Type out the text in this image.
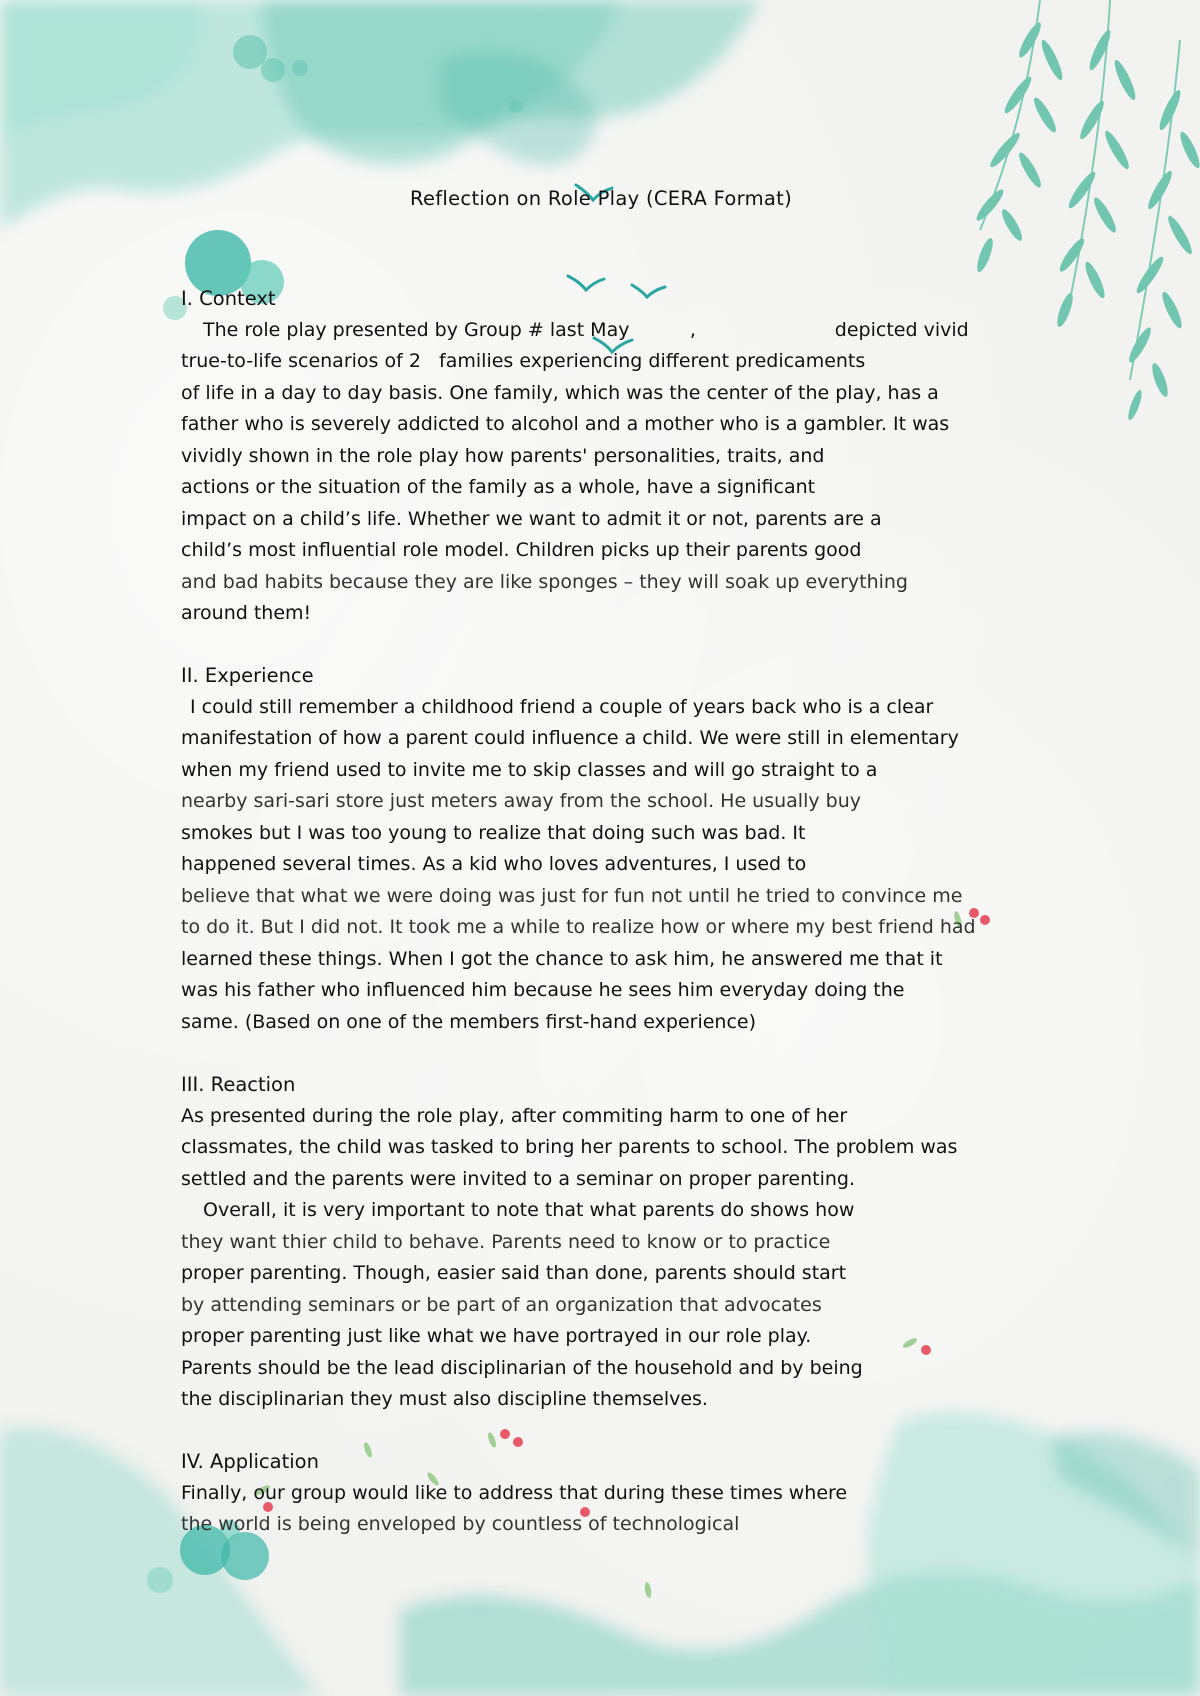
Reflection on Role Play (CERA Format)
I. Context
The role play presented by Group # last May          ,                       depicted vivid
true-to-life scenarios of 2   families experiencing different predicaments
of life in a day to day basis. One family, which was the center of the play, has a
father who is severely addicted to alcohol and a mother who is a gambler. It was
vividly shown in the role play how parents' personalities, traits, and
actions or the situation of the family as a whole, have a significant
impact on a child’s life. Whether we want to admit it or not, parents are a
child’s most influential role model. Children picks up their parents good
and bad habits because they are like sponges – they will soak up everything
around them!
II. Experience
I could still remember a childhood friend a couple of years back who is a clear
manifestation of how a parent could influence a child. We were still in elementary
when my friend used to invite me to skip classes and will go straight to a
nearby sari-sari store just meters away from the school. He usually buy
smokes but I was too young to realize that doing such was bad. It
happened several times. As a kid who loves adventures, I used to
believe that what we were doing was just for fun not until he tried to convince me
to do it. But I did not. It took me a while to realize how or where my best friend had
learned these things. When I got the chance to ask him, he answered me that it
was his father who influenced him because he sees him everyday doing the
same. (Based on one of the members first-hand experience)
III. Reaction
As presented during the role play, after commiting harm to one of her
classmates, the child was tasked to bring her parents to school. The problem was
settled and the parents were invited to a seminar on proper parenting.
Overall, it is very important to note that what parents do shows how
they want thier child to behave. Parents need to know or to practice
proper parenting. Though, easier said than done, parents should start
by attending seminars or be part of an organization that advocates
proper parenting just like what we have portrayed in our role play.
Parents should be the lead disciplinarian of the household and by being
the disciplinarian they must also discipline themselves.
IV. Application
Finally, our group would like to address that during these times where
the world is being enveloped by countless of technological
